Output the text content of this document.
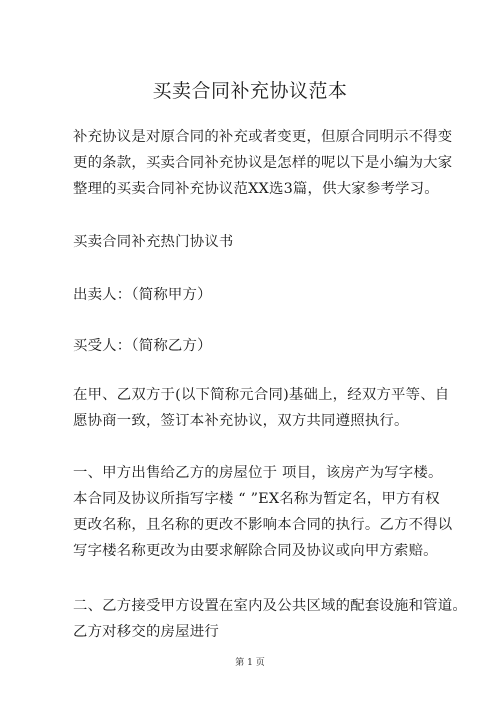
买卖合同补充协议范本
补充协议是对原合同的补充或者变更，但原合同明示不得变
更的条款，买卖合同补充协议是怎样的呢以下是小编为大家
整理的买卖合同补充协议范XX选3篇，供大家参考学习。
买卖合同补充热门协议书
出卖人：（简称甲方）
买受人：（简称乙方）
在甲、乙双方于(以下简称元合同)基础上，经双方平等、自
愿协商一致，签订本补充协议，双方共同遵照执行。
一、甲方出售给乙方的房屋位于 项目，该房产为写字楼。
本合同及协议所指写字楼 “ ”EX名称为暂定名，甲方有权
更改名称，且名称的更改不影响本合同的执行。乙方不得以
写字楼名称更改为由要求解除合同及协议或向甲方索赔。
二、乙方接受甲方设置在室内及公共区域的配套设施和管道。
乙方对移交的房屋进行
第 1 页
